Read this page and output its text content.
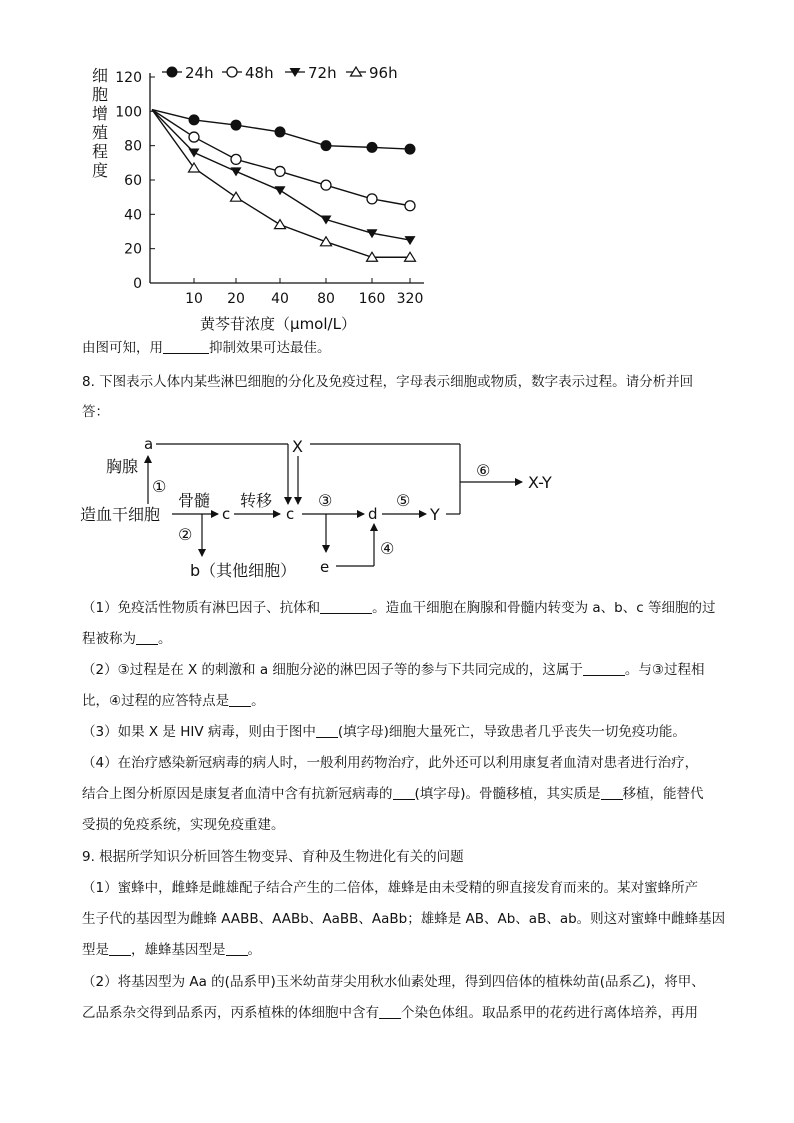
0
20
40
60
80
100
120
10 20 40 80 160 320
细
胞
增
殖
程
度
黄芩苷浓度（μmol/L）
24h 48h 72h 96h
由图可知，用	抑制效果可达最佳。
8. 下图表示人体内某些淋巴细胞的分化及免疫过程，字母表示细胞或物质，数字表示过程。请分析并回
答：
a	X
胸腺
①
造血干细胞
骨髓
c
转移
c
③
d
⑤
Y
⑥
X-Y
②
b（其他细胞） e
④
（1）免疫活性物质有淋巴因子、抗体和	。造血干细胞在胸腺和骨髓内转变为 a、b、c 等细胞的过
程被称为 。
（2）③过程是在 X 的刺激和 a 细胞分泌的淋巴因子等的参与下共同完成的，这属于	。与③过程相
比，④过程的应答特点是 。
（3）如果 X 是 HIV 病毒，则由于图中 (填字母)细胞大量死亡，导致患者几乎丧失一切免疫功能。
（4）在治疗感染新冠病毒的病人时，一般利用药物治疗，此外还可以利用康复者血清对患者进行治疗，
结合上图分析原因是康复者血清中含有抗新冠病毒的 (填字母)。骨髓移植，其实质是 移植，能替代
受损的免疫系统，实现免疫重建。
9. 根据所学知识分析回答生物变异、育种及生物进化有关的问题
（1）蜜蜂中，雌蜂是雌雄配子结合产生的二倍体，雄蜂是由未受精的卵直接发育而来的。某对蜜蜂所产
生子代的基因型为雌蜂 AABB、AABb、AaBB、AaBb；雄蜂是 AB、Ab、aB、ab。则这对蜜蜂中雌蜂基因
型是 ，雄蜂基因型是 。
（2）将基因型为 Aa 的(品系甲)玉米幼苗芽尖用秋水仙素处理，得到四倍体的植株幼苗(品系乙)，将甲、
乙品系杂交得到品系丙，丙系植株的体细胞中含有 个染色体组。取品系甲的花药进行离体培养，再用
